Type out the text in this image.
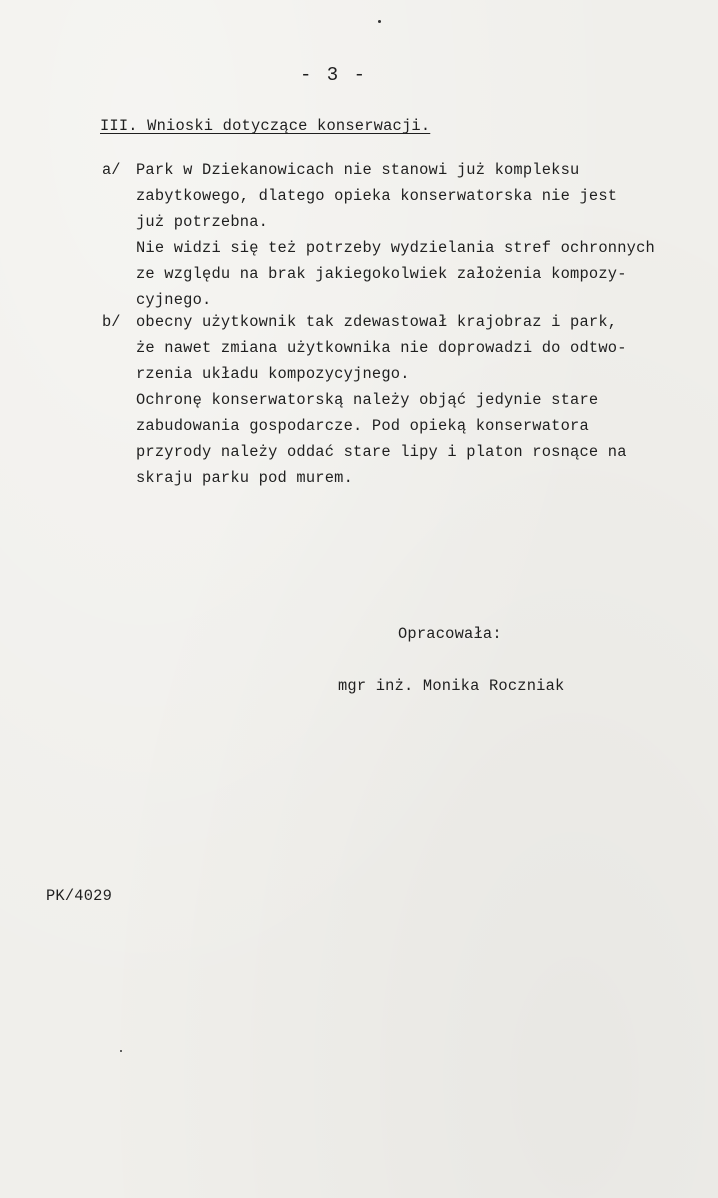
- 3 -
III. Wnioski dotyczące konserwacji.
a/ Park w Dziekanowicach nie stanowi już kompleksu
zabytkowego, dlatego opieka konserwatorska nie jest
już potrzebna.
Nie widzi się też potrzeby wydzielania stref ochronnych
ze względu na brak jakiegokolwiek założenia kompozy-
cyjnego.
b/ obecny użytkownik tak zdewastował krajobraz i park,
że nawet zmiana użytkownika nie doprowadzi do odtwo-
rzenia układu kompozycyjnego.
Ochronę konserwatorską należy objąć jedynie stare
zabudowania gospodarcze. Pod opieką konserwatora
przyrody należy oddać stare lipy i platon rosnące na
skraju parku pod murem.
Opracowała:
mgr inż. Monika Roczniak
PK/4029
